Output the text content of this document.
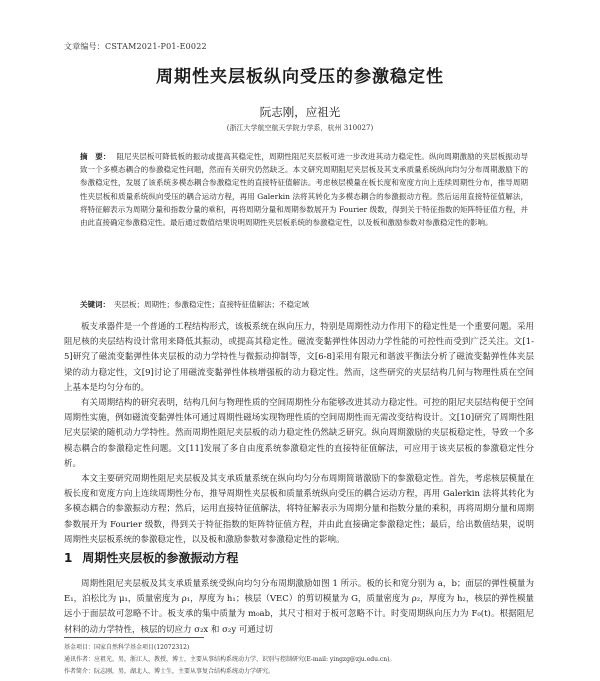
文章编号：CSTAM2021-P01-E0022
周期性夹层板纵向受压的参激稳定性
阮志刚，应祖光
(浙江大学航空航天学院力学系，杭州 310027)
摘　要： 阻尼夹层板可降低板的振动或提高其稳定性，周期性阻尼夹层板可进一步改进其动力稳定性。纵向周期激励的夹层板振动导致一个多模态耦合的参激稳定性问题，然而有关研究仍然缺乏。本文研究周期阻尼夹层板及其支承质量系统纵向均匀分布周期激励下的参激稳定性，发展了该系统多模态耦合参激稳定性的直接特征值解法。考虑核层模量在板长度和宽度方向上连续周期性分布，推导周期性夹层板和质量系统纵向受压的耦合运动方程，再用 Galerkin 法将其转化为多模态耦合的参激振动方程。然后运用直接特征值解法，将特征解表示为周期分量和指数分量的乘积，再将周期分量和周期参数展开为 Fourier 级数，得到关于特征指数的矩阵特征值方程，并由此直接确定参激稳定性。最后通过数值结果说明周期性夹层板系统的参激稳定性，以及板和激励参数对参激稳定性的影响。
关键词： 夹层板；周期性；参激稳定性；直接特征值解法；不稳定域

板支承器件是一个普通的工程结构形式，该板系统在纵向压力，特别是周期性动力作用下的稳定性是一个重要问题。采用阻尼核的夹层结构设计常用来降低其振动，或提高其稳定性。磁流变黏弹性体因动力学性能的可控性而受到广泛关注。文[1-5]研究了磁流变黏弹性体夹层板的动力学特性与微振动抑制等，文[6-8]采用有限元和谐波平衡法分析了磁流变黏弹性体夹层梁的动力稳定性，文[9]讨论了用磁流变黏弹性体核增强板的动力稳定性。然而，这些研究的夹层结构几何与物理性质在空间上基本是均匀分布的。

有关周期结构的研究表明，结构几何与物理性质的空间周期性分布能够改进其动力稳定性。可控的阻尼夹层结构便于空间周期性实施，例如磁流变黏弹性体可通过周期性磁场实现物理性质的空间周期性而无需改变结构设计。文[10]研究了周期性阻尼夹层梁的随机动力学特性。然而周期性阻尼夹层板的动力稳定性仍然缺乏研究。纵向周期激励的夹层板稳定性，导致一个多模态耦合的参激稳定性问题。文[11]发展了多自由度系统参激稳定性的直接特征值解法，可应用于该夹层板的参激稳定性分析。

本文主要研究周期性阻尼夹层板及其支承质量系统在纵向均匀分布周期简谐激励下的参激稳定性。首先，考虑核层模量在板长度和宽度方向上连续周期性分布，推导周期性夹层板和质量系统纵向受压的耦合运动方程，再用 Galerkin 法将其转化为多模态耦合的参激振动方程；然后，运用直接特征值解法，将特征解表示为周期分量和指数分量的乘积，再将周期分量和周期参数展开为 Fourier 级数，得到关于特征指数的矩阵特征值方程，并由此直接确定参激稳定性；最后，给出数值结果，说明周期性夹层板系统的参激稳定性，以及板和激励参数对参激稳定性的影响。

1 周期性夹层板的参激振动方程

周期性阻尼夹层板及其支承质量系统受纵向均匀分布周期激励如图 1 所示。板的长和宽分别为 a，b；面层的弹性模量为 E₁，泊松比为 μ₁，质量密度为 ρ₁，厚度为 h₁；核层（VEC）的剪切模量为 G，质量密度为 ρ₂，厚度为 h₂，核层的弹性模量远小于面层故可忽略不计。板支承的集中质量为 m₀ab，其尺寸相对于板可忽略不计。时变周期纵向压力为 F₀(t)。根据阻尼材料的动力学特性，核层的切应力 σ₂x 和 σ₂y 可通过切

基金项目：国家自然科学基金项目(12072312)
通讯作者：应祖光，男，浙江人，教授，博士，主要从事结构系统动力学、识别与控制研究(E-mail: yingzg@zju.edu.cn)。
作者简介：阮志刚，男，湖北人，博士生，主要从事复合结构系统动力学研究。
